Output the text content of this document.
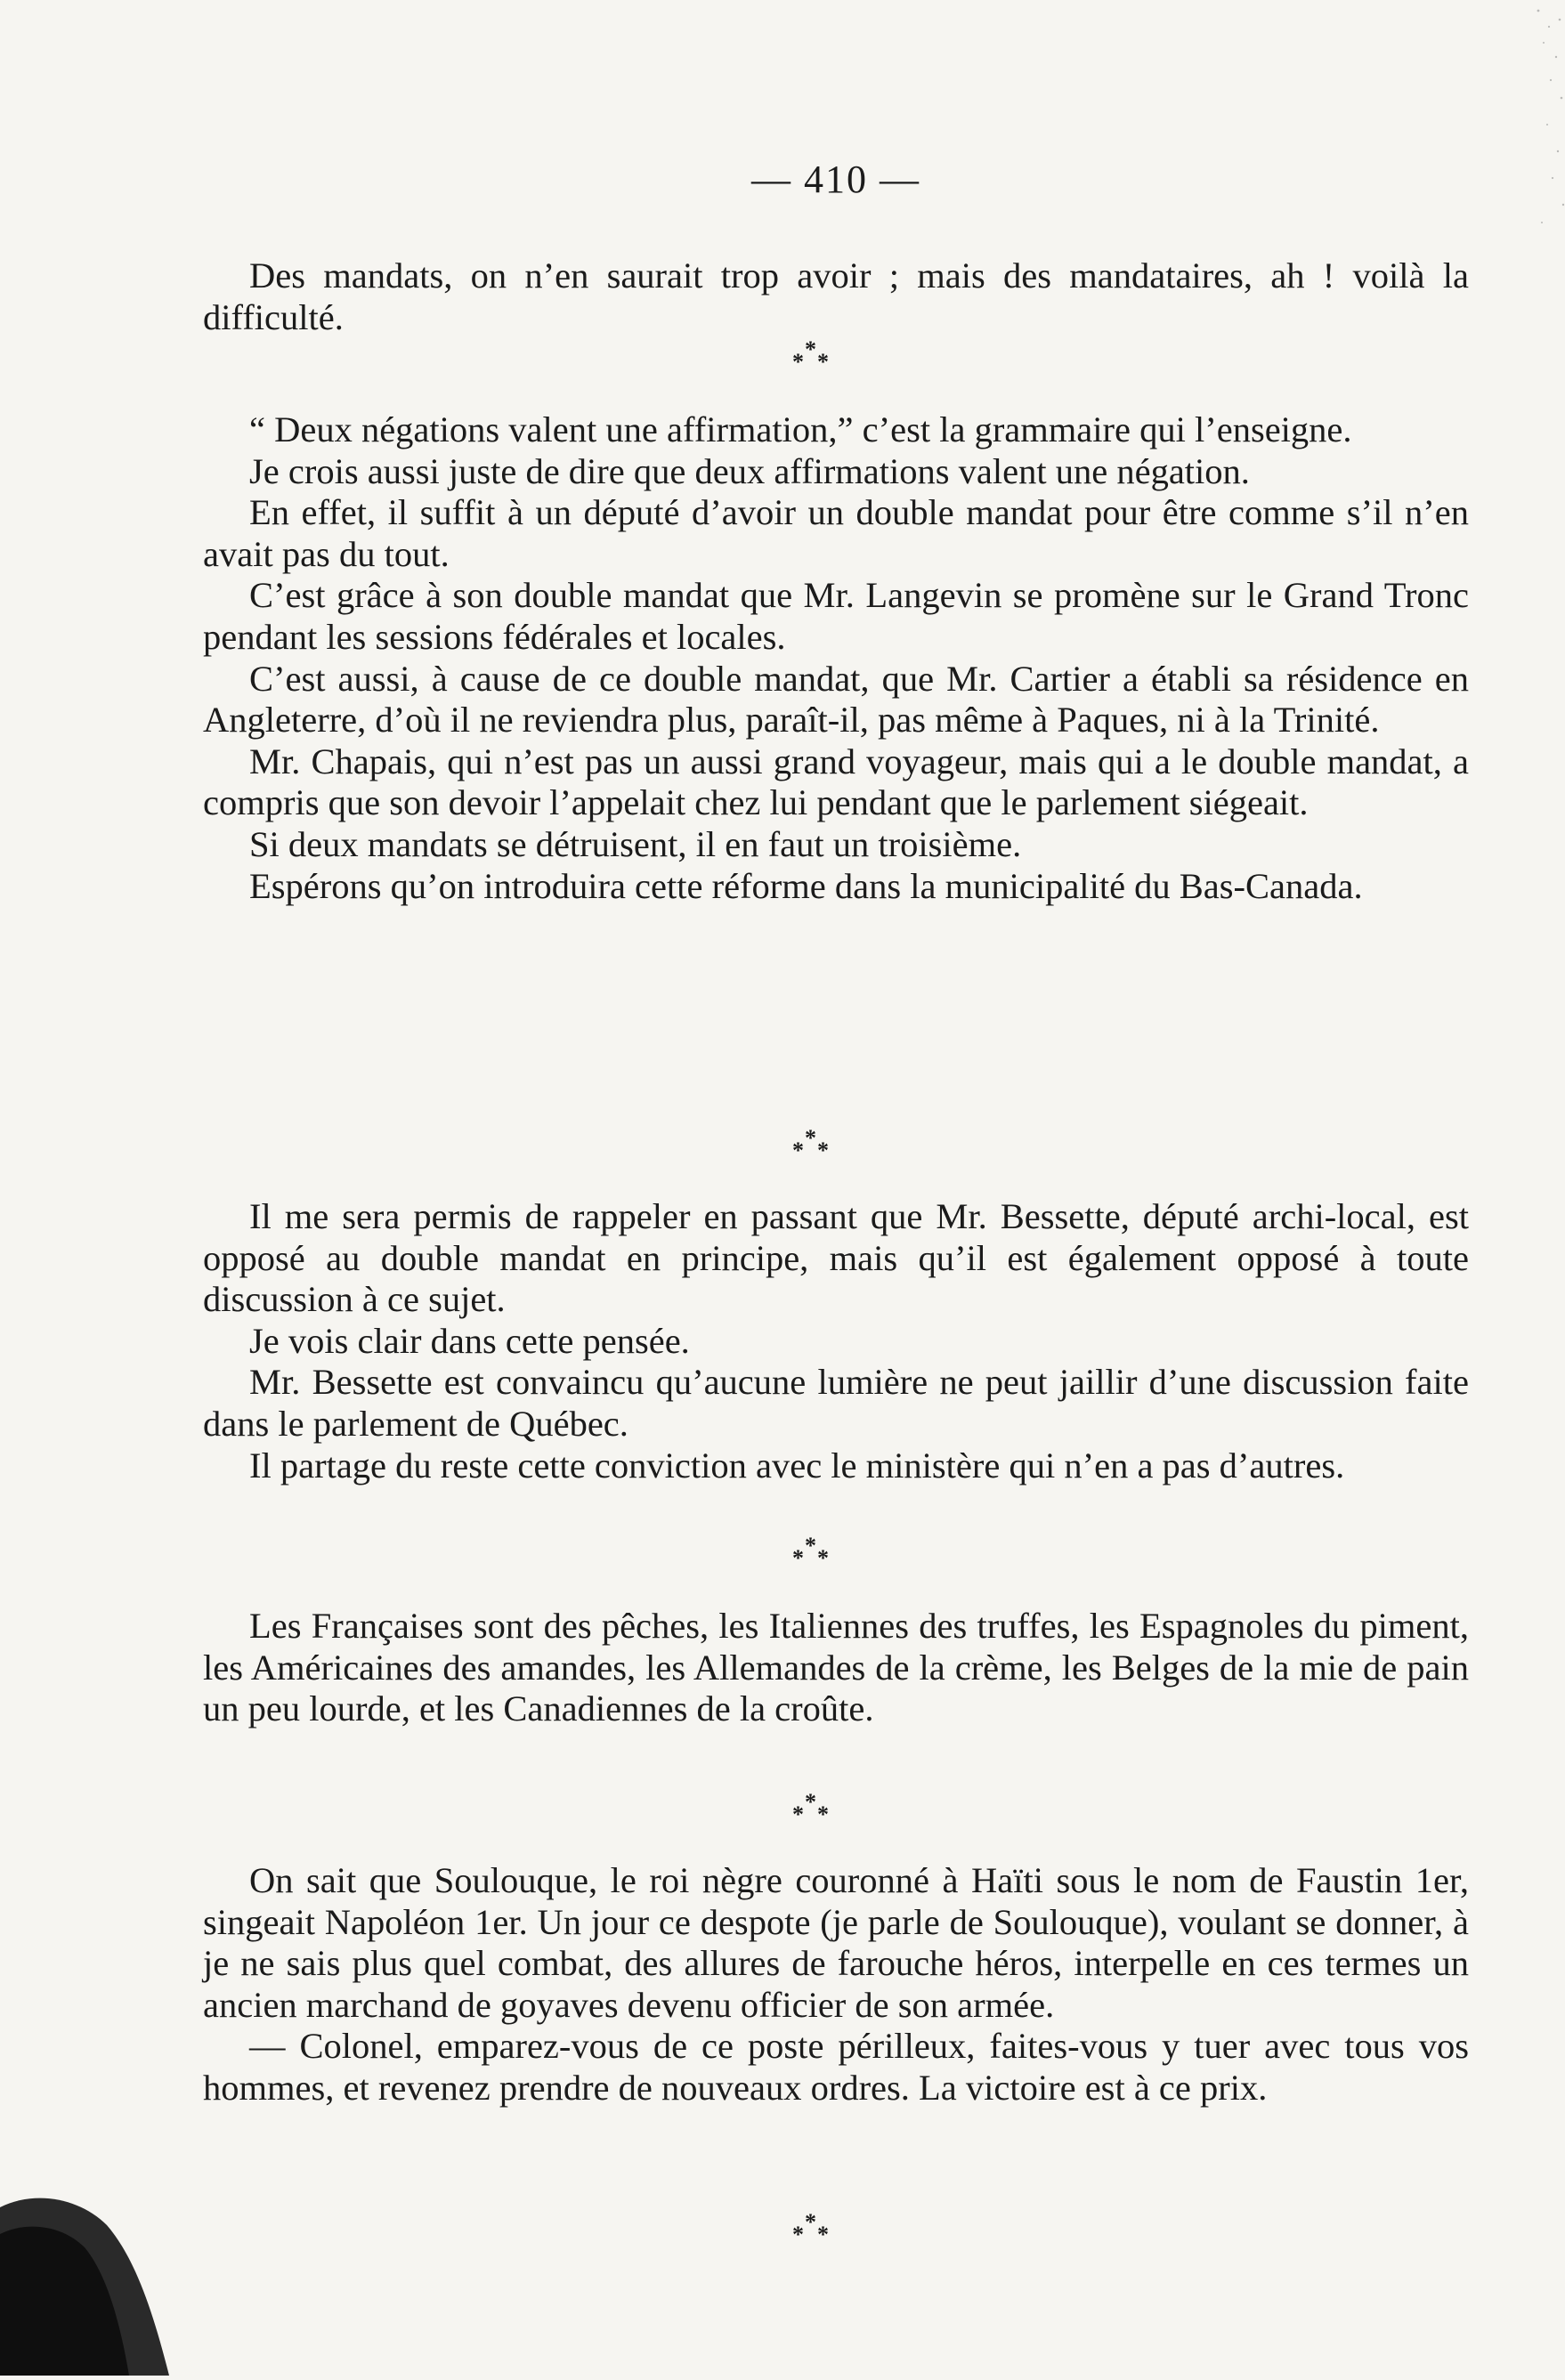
— 410 —

Des mandats, on n’en saurait trop avoir ; mais des mandataires, ah ! voilà la difficulté.

* *
*

“ Deux négations valent une affirmation,” c’est la grammaire qui l’enseigne.

Je crois aussi juste de dire que deux affirmations valent une négation.

En effet, il suffit à un député d’avoir un double mandat pour être comme s’il n’en avait pas du tout.

C’est grâce à son double mandat que Mr. Langevin se promène sur le Grand Tronc pendant les sessions fédérales et locales.

C’est aussi, à cause de ce double mandat, que Mr. Cartier a établi sa résidence en Angleterre, d’où il ne reviendra plus, paraît-il, pas même à Paques, ni à la Trinité.

Mr. Chapais, qui n’est pas un aussi grand voyageur, mais qui a le double mandat, a compris que son devoir l’appelait chez lui pendant que le parlement siégeait.

Si deux mandats se détruisent, il en faut un troisième.

Espérons qu’on introduira cette réforme dans la municipalité du Bas-Canada.

* *
*

Il me sera permis de rappeler en passant que Mr. Bessette, député archi-local, est opposé au double mandat en principe, mais qu’il est également opposé à toute discussion à ce sujet.

Je vois clair dans cette pensée.

Mr. Bessette est convaincu qu’aucune lumière ne peut jaillir d’une discussion faite dans le parlement de Québec.

Il partage du reste cette conviction avec le ministère qui n’en a pas d’autres.

* *
*

Les Françaises sont des pêches, les Italiennes des truffes, les Espagnoles du piment, les Américaines des amandes, les Allemandes de la crème, les Belges de la mie de pain un peu lourde, et les Canadiennes de la croûte.

* *
*

On sait que Soulouque, le roi nègre couronné à Haïti sous le nom de Faustin 1er, singeait Napoléon 1er. Un jour ce despote (je parle de Soulouque), voulant se donner, à je ne sais plus quel combat, des allures de farouche héros, interpelle en ces termes un ancien marchand de goyaves devenu officier de son armée.

— Colonel, emparez-vous de ce poste périlleux, faites-vous y tuer avec tous vos hommes, et revenez prendre de nouveaux ordres. La victoire est à ce prix.

* *
*
